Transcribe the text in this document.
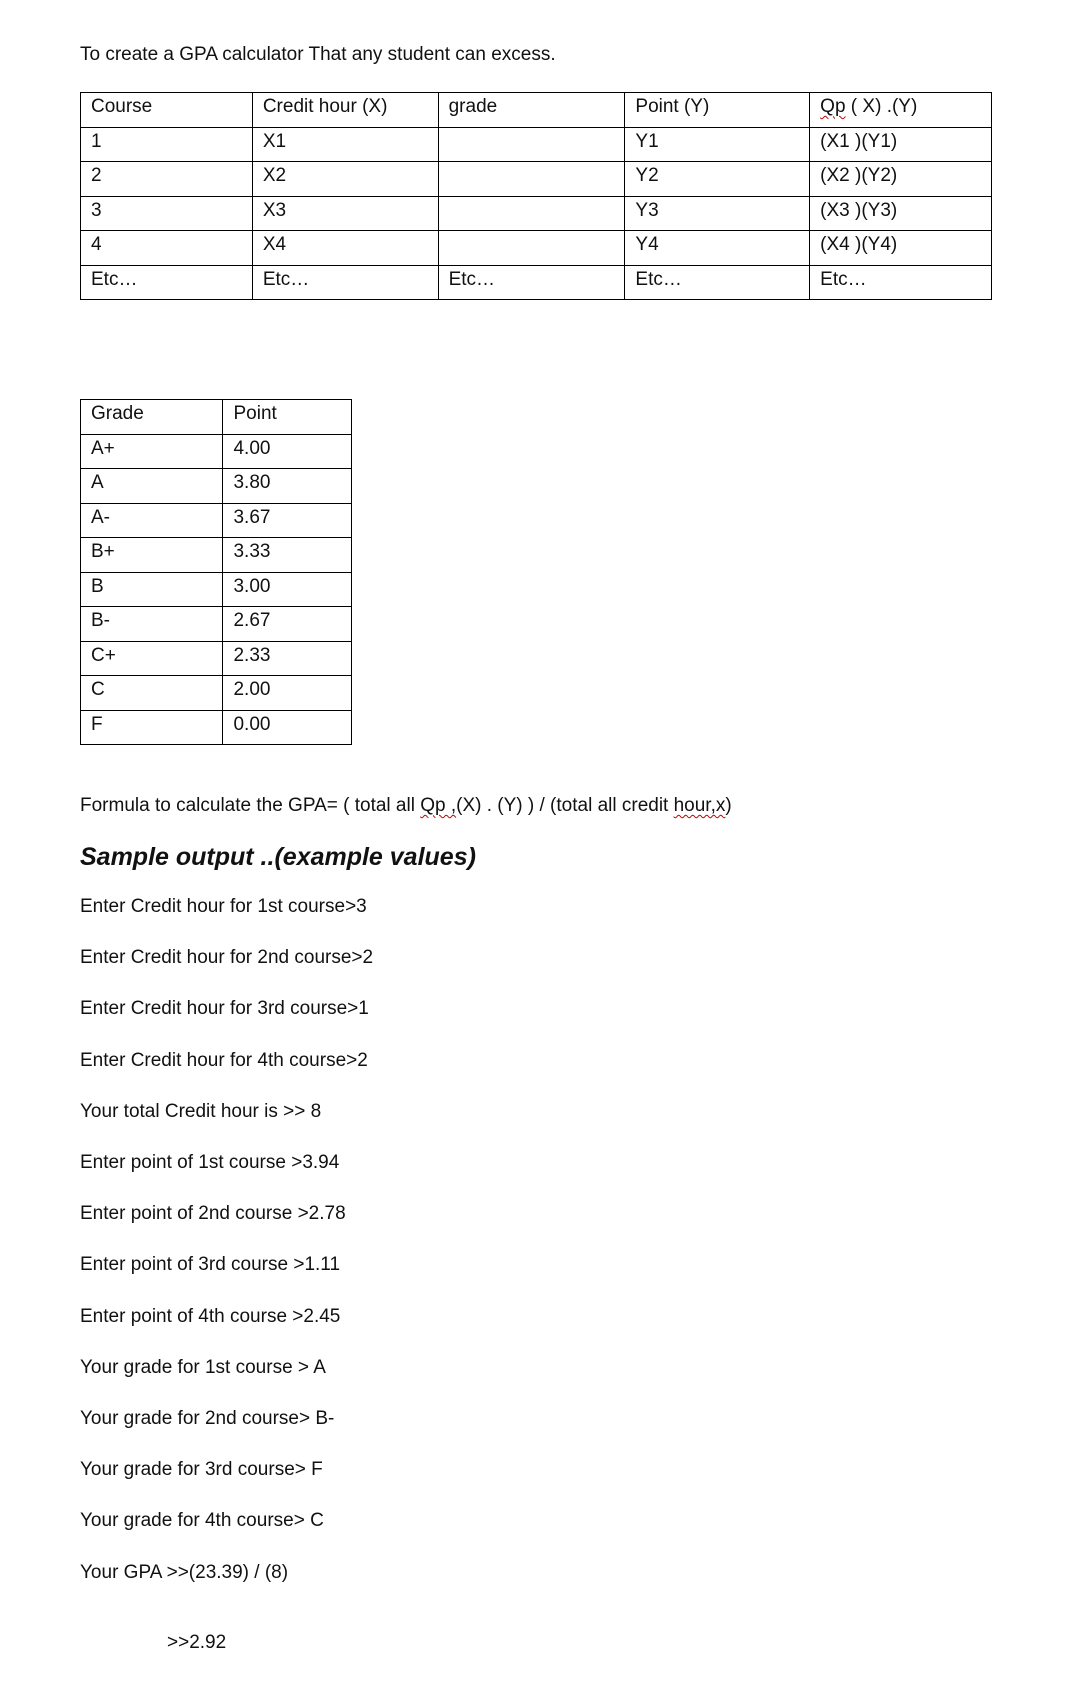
To create a GPA calculator That any student can excess.

Course	Credit hour (X)	grade	Point (Y)	Qp ( X) .(Y)
1	X1		Y1	(X1 )(Y1)
2	X2		Y2	(X2 )(Y2)
3	X3		Y3	(X3 )(Y3)
4	X4		Y4	(X4 )(Y4)
Etc…	Etc…	Etc…	Etc…	Etc…
Grade	Point
A+	4.00
A	3.80
A-	3.67
B+	3.33
B	3.00
B-	2.67
C+	2.33
C	2.00
F	0.00

Formula to calculate the GPA= ( total all Qp ,(X) . (Y) ) / (total all credit hour,x)

Sample output ..(example values)

Enter Credit hour for 1st course>3

Enter Credit hour for 2nd course>2

Enter Credit hour for 3rd course>1

Enter Credit hour for 4th course>2

Your total Credit hour is >> 8

Enter point of 1st course >3.94

Enter point of 2nd course >2.78

Enter point of 3rd course >1.11

Enter point of 4th course >2.45

Your grade for 1st course > A

Your grade for 2nd course> B-

Your grade for 3rd course> F

Your grade for 4th course> C

Your GPA >>(23.39) / (8)

>>2.92
